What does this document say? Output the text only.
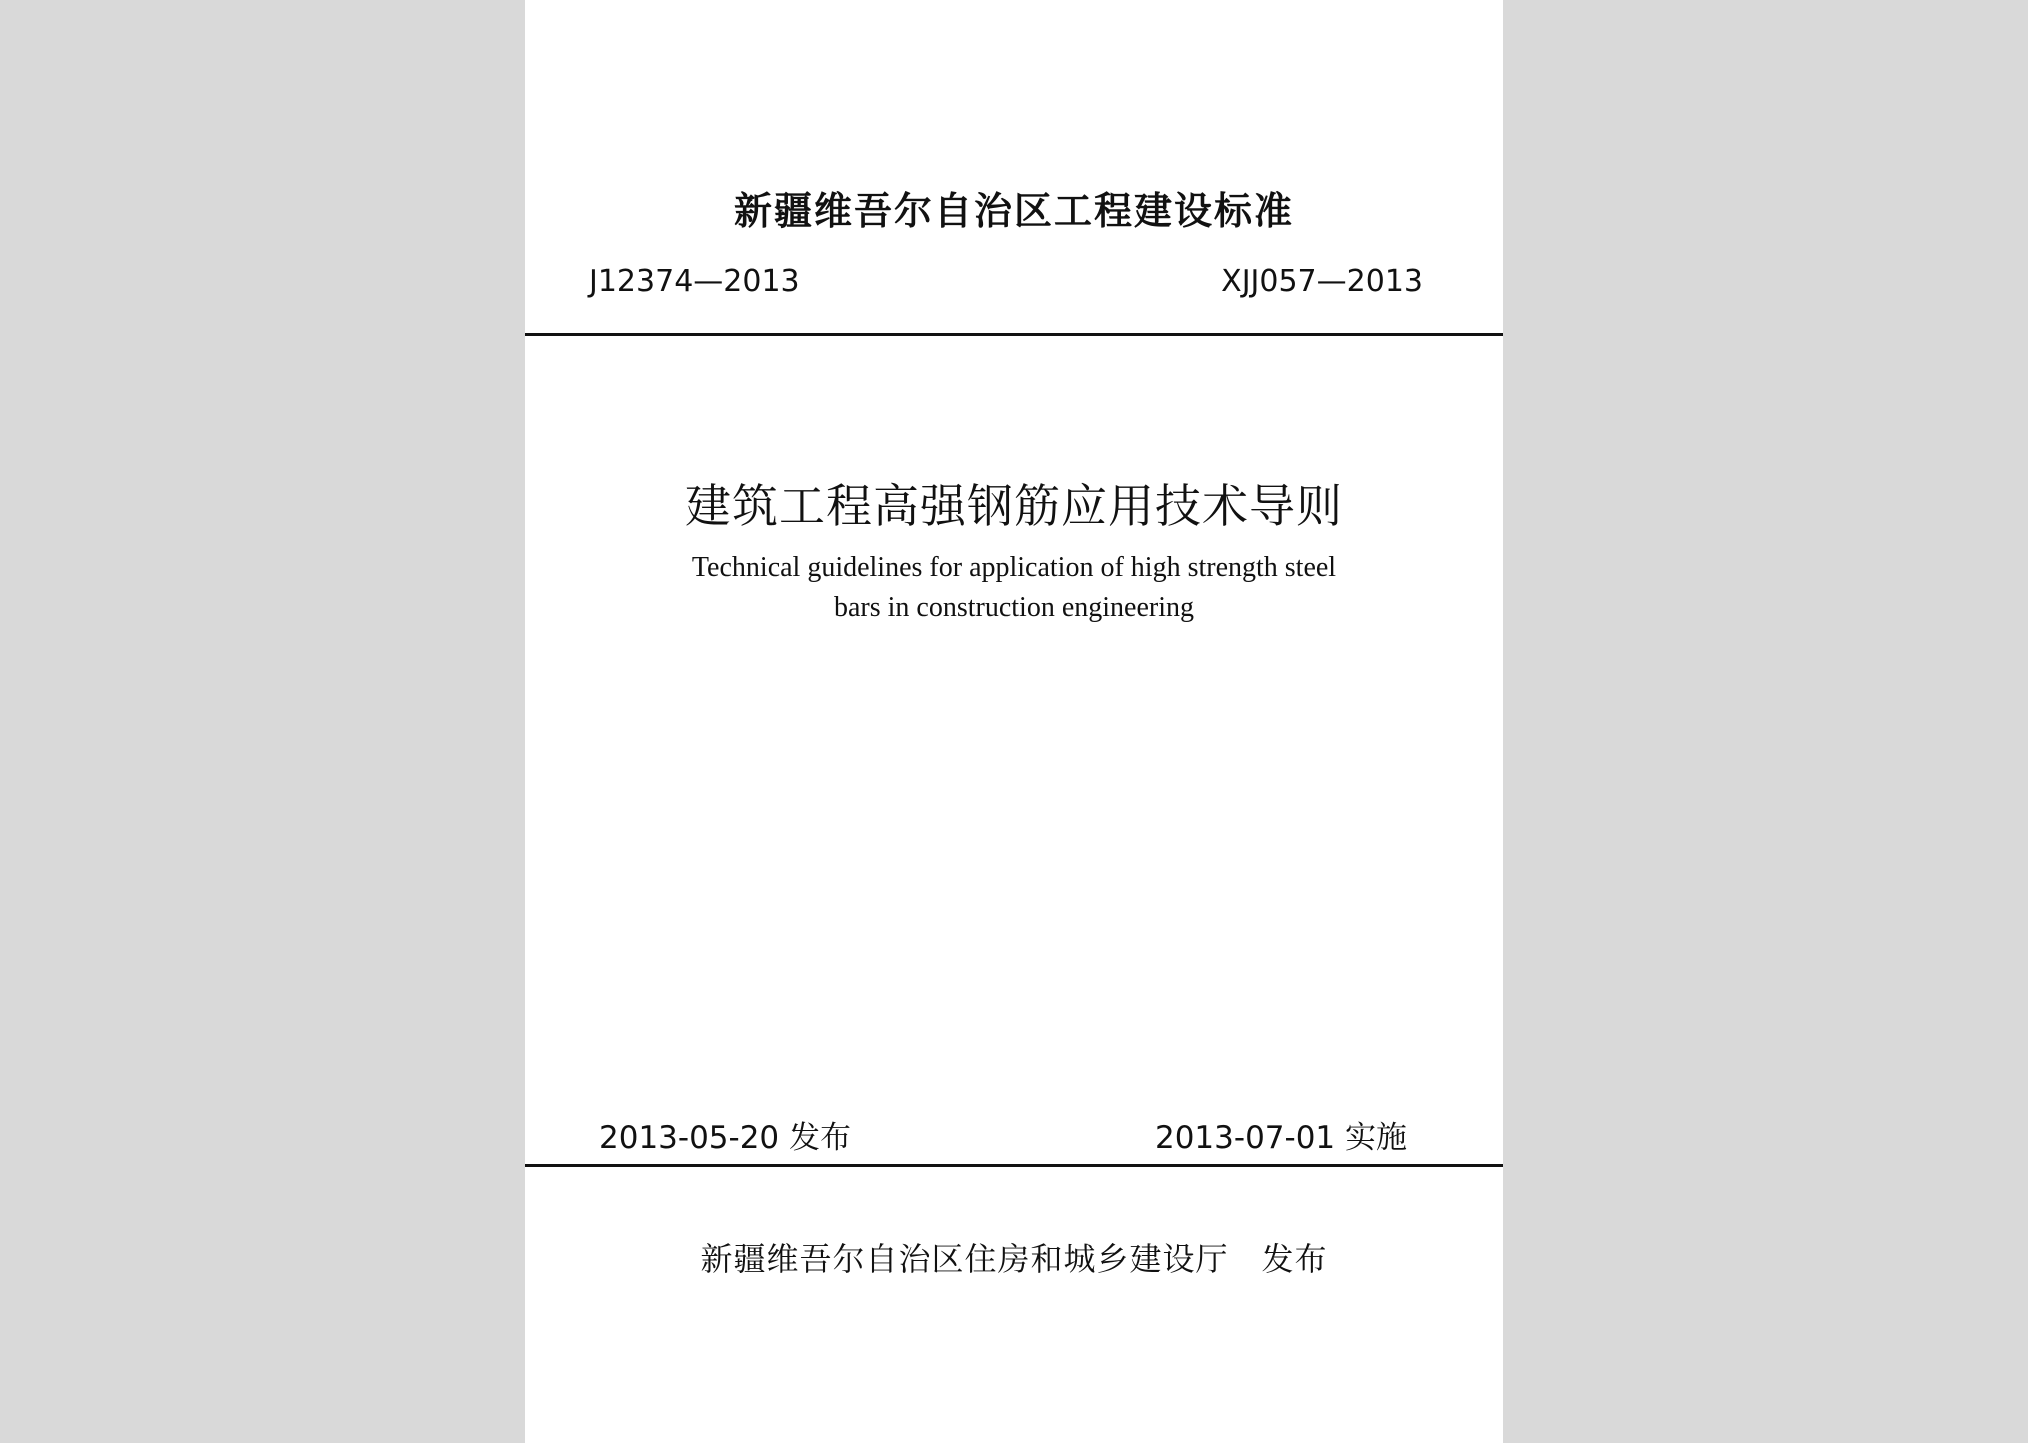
新疆维吾尔自治区工程建设标准
J12374—2013	XJJ057—2013
建筑工程高强钢筋应用技术导则
Technical guidelines for application of high strength steel
bars in construction engineering
2013-05-20 发布	2013-07-01 实施
新疆维吾尔自治区住房和城乡建设厅　发布
